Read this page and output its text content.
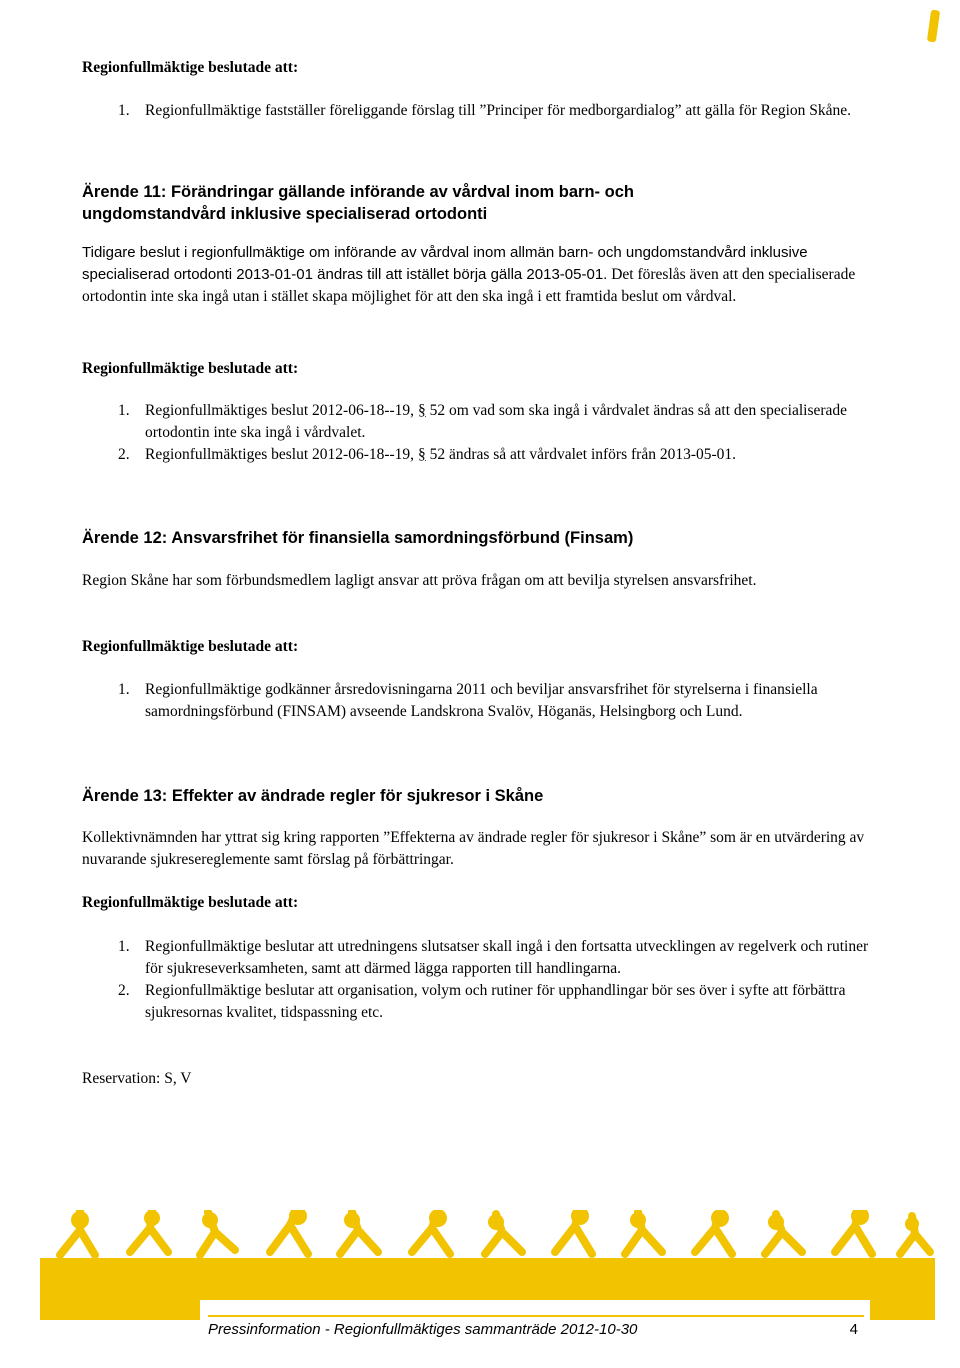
Regionfullmäktige beslutade att:
1. Regionfullmäktige fastställer föreliggande förslag till ”Principer för medborgardialog” att gälla för Region Skåne.
Ärende 11: Förändringar gällande införande av vårdval inom barn- och ungdomstandvård inklusive specialiserad ortodonti
Tidigare beslut i regionfullmäktige om införande av vårdval inom allmän barn- och ungdomstandvård inklusive specialiserad ortodonti 2013-01-01 ändras till att istället börja gälla 2013-05-01. Det föreslås även att den specialiserade ortodontin inte ska ingå utan i stället skapa möjlighet för att den ska ingå i ett framtida beslut om vårdval.
Regionfullmäktige beslutade att:
1. Regionfullmäktiges beslut 2012-06-18--19, § 52 om vad som ska ingå i vårdvalet ändras så att den specialiserade ortodontin inte ska ingå i vårdvalet.
2. Regionfullmäktiges beslut 2012-06-18--19, § 52 ändras så att vårdvalet införs från 2013-05-01.
Ärende 12: Ansvarsfrihet för finansiella samordningsförbund (Finsam)
Region Skåne har som förbundsmedlem lagligt ansvar att pröva frågan om att bevilja styrelsen ansvarsfrihet.
Regionfullmäktige beslutade att:
1. Regionfullmäktige godkänner årsredovisningarna 2011 och beviljar ansvarsfrihet för styrelserna i finansiella samordningsförbund (FINSAM) avseende Landskrona Svalöv, Höganäs, Helsingborg och Lund.
Ärende 13: Effekter av ändrade regler för sjukresor i Skåne
Kollektivnämnden har yttrat sig kring rapporten ”Effekterna av ändrade regler för sjukresor i Skåne” som är en utvärdering av nuvarande sjukresereglemente samt förslag på förbättringar.
Regionfullmäktige beslutade att:
1. Regionfullmäktige beslutar att utredningens slutsatser skall ingå i den fortsatta utvecklingen av regelverk och rutiner för sjukreseverksamheten, samt att därmed lägga rapporten till handlingarna.
2. Regionfullmäktige beslutar att organisation, volym och rutiner för upphandlingar bör ses över i syfte att förbättra sjukresornas kvalitet, tidspassning etc.
Reservation: S, V
Pressinformation - Regionfullmäktiges sammanträde 2012-10-30	4
